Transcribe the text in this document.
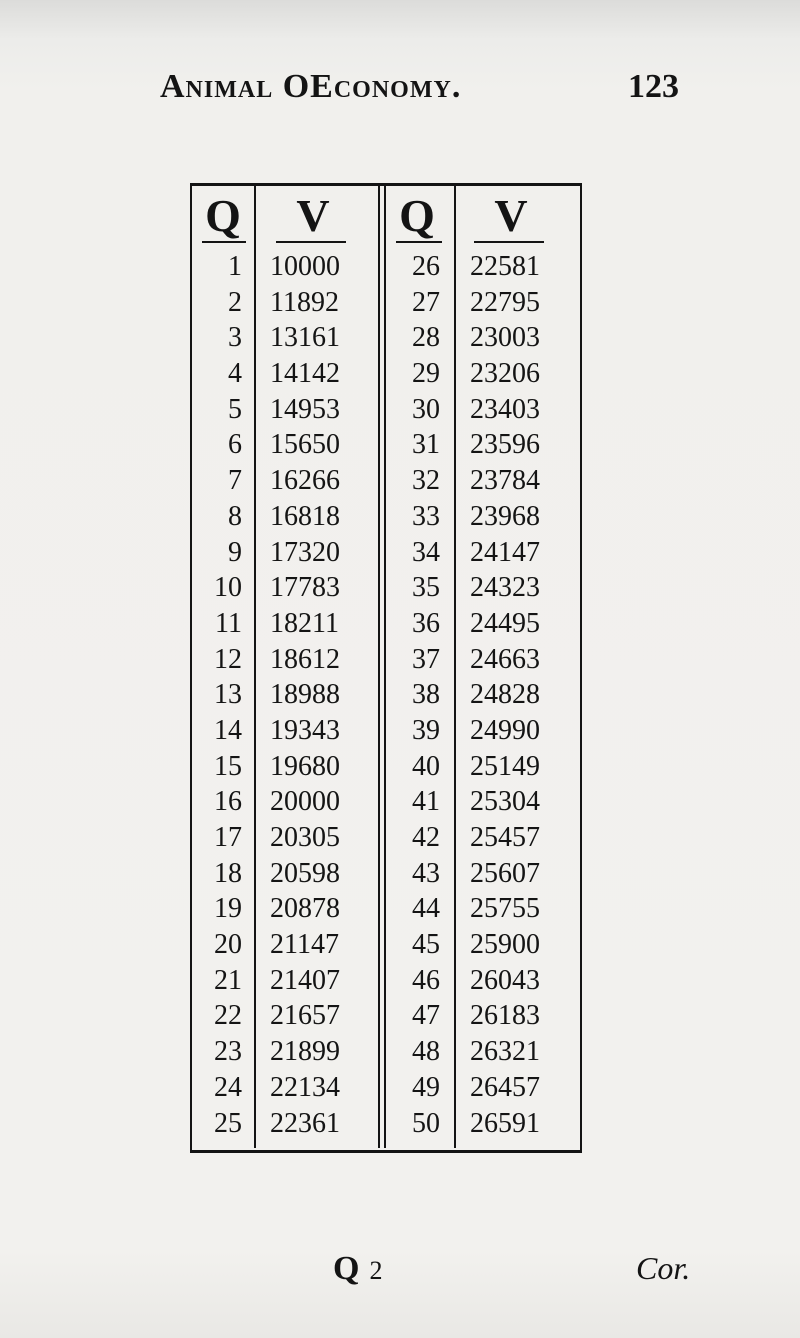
Animal OEconomy.	123
Q	V	Q	V
1 10000	26 22581
2 11892	27 22795
3 13161	28 23003
4 14142	29 23206
5 14953	30 23403
6 15650	31 23596
7 16266	32 23784
8 16818	33 23968
9 17320	34 24147
10 17783	35 24323
11 18211	36 24495
12 18612	37 24663
13 18988	38 24828
14 19343	39 24990
15 19680	40 25149
16 20000	41 25304
17 20305	42 25457
18 20598	43 25607
19 20878	44 25755
20 21147	45 25900
21 21407	46 26043
22 21657	47 26183
23 21899	48 26321
24 22134	49 26457
25 22361	50 26591
Q 2	Cor.
